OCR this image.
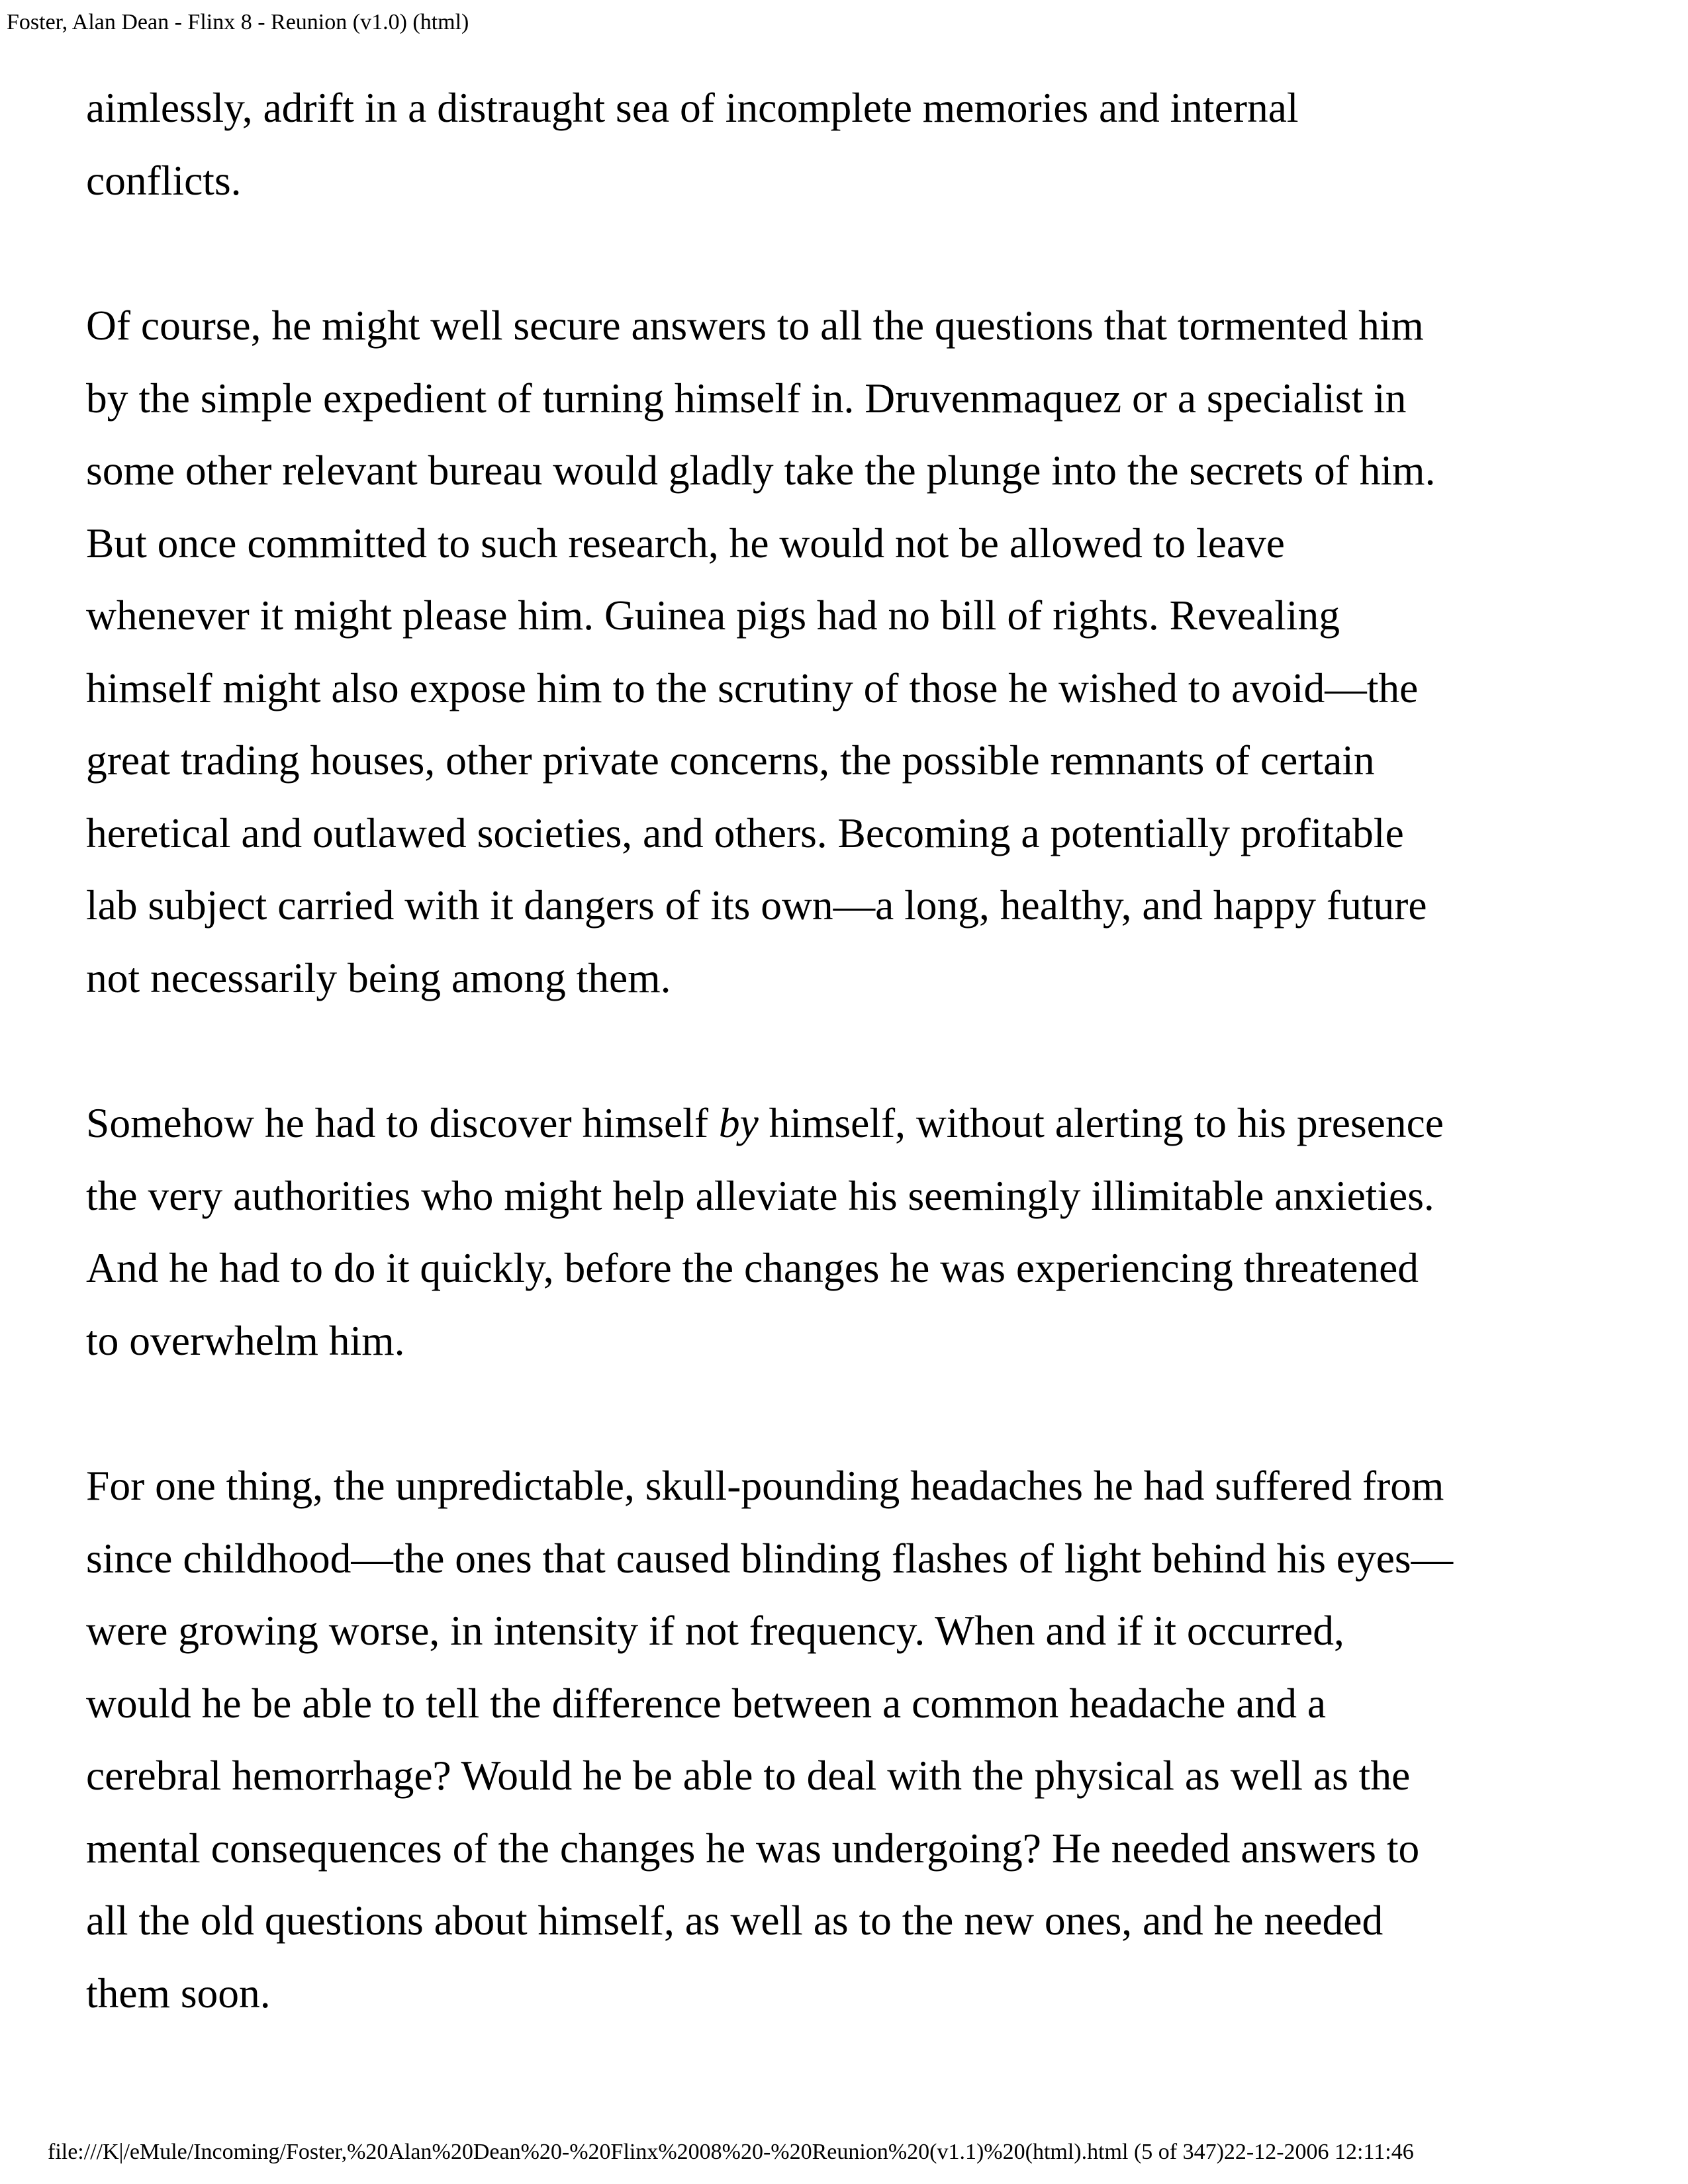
Foster, Alan Dean - Flinx 8 - Reunion (v1.0) (html)

aimlessly, adrift in a distraught sea of incomplete memories and internal
conflicts.

Of course, he might well secure answers to all the questions that tormented him
by the simple expedient of turning himself in. Druvenmaquez or a specialist in
some other relevant bureau would gladly take the plunge into the secrets of him.
But once committed to such research, he would not be allowed to leave
whenever it might please him. Guinea pigs had no bill of rights. Revealing
himself might also expose him to the scrutiny of those he wished to avoid—the
great trading houses, other private concerns, the possible remnants of certain
heretical and outlawed societies, and others. Becoming a potentially profitable
lab subject carried with it dangers of its own—a long, healthy, and happy future
not necessarily being among them.

Somehow he had to discover himself by himself, without alerting to his presence
the very authorities who might help alleviate his seemingly illimitable anxieties.
And he had to do it quickly, before the changes he was experiencing threatened
to overwhelm him.

For one thing, the unpredictable, skull-pounding headaches he had suffered from
since childhood—the ones that caused blinding flashes of light behind his eyes—
were growing worse, in intensity if not frequency. When and if it occurred,
would he be able to tell the difference between a common headache and a
cerebral hemorrhage? Would he be able to deal with the physical as well as the
mental consequences of the changes he was undergoing? He needed answers to
all the old questions about himself, as well as to the new ones, and he needed
them soon.

file:///K|/eMule/Incoming/Foster,%20Alan%20Dean%20-%20Flinx%2008%20-%20Reunion%20(v1.1)%20(html).html (5 of 347)22-12-2006 12:11:46
